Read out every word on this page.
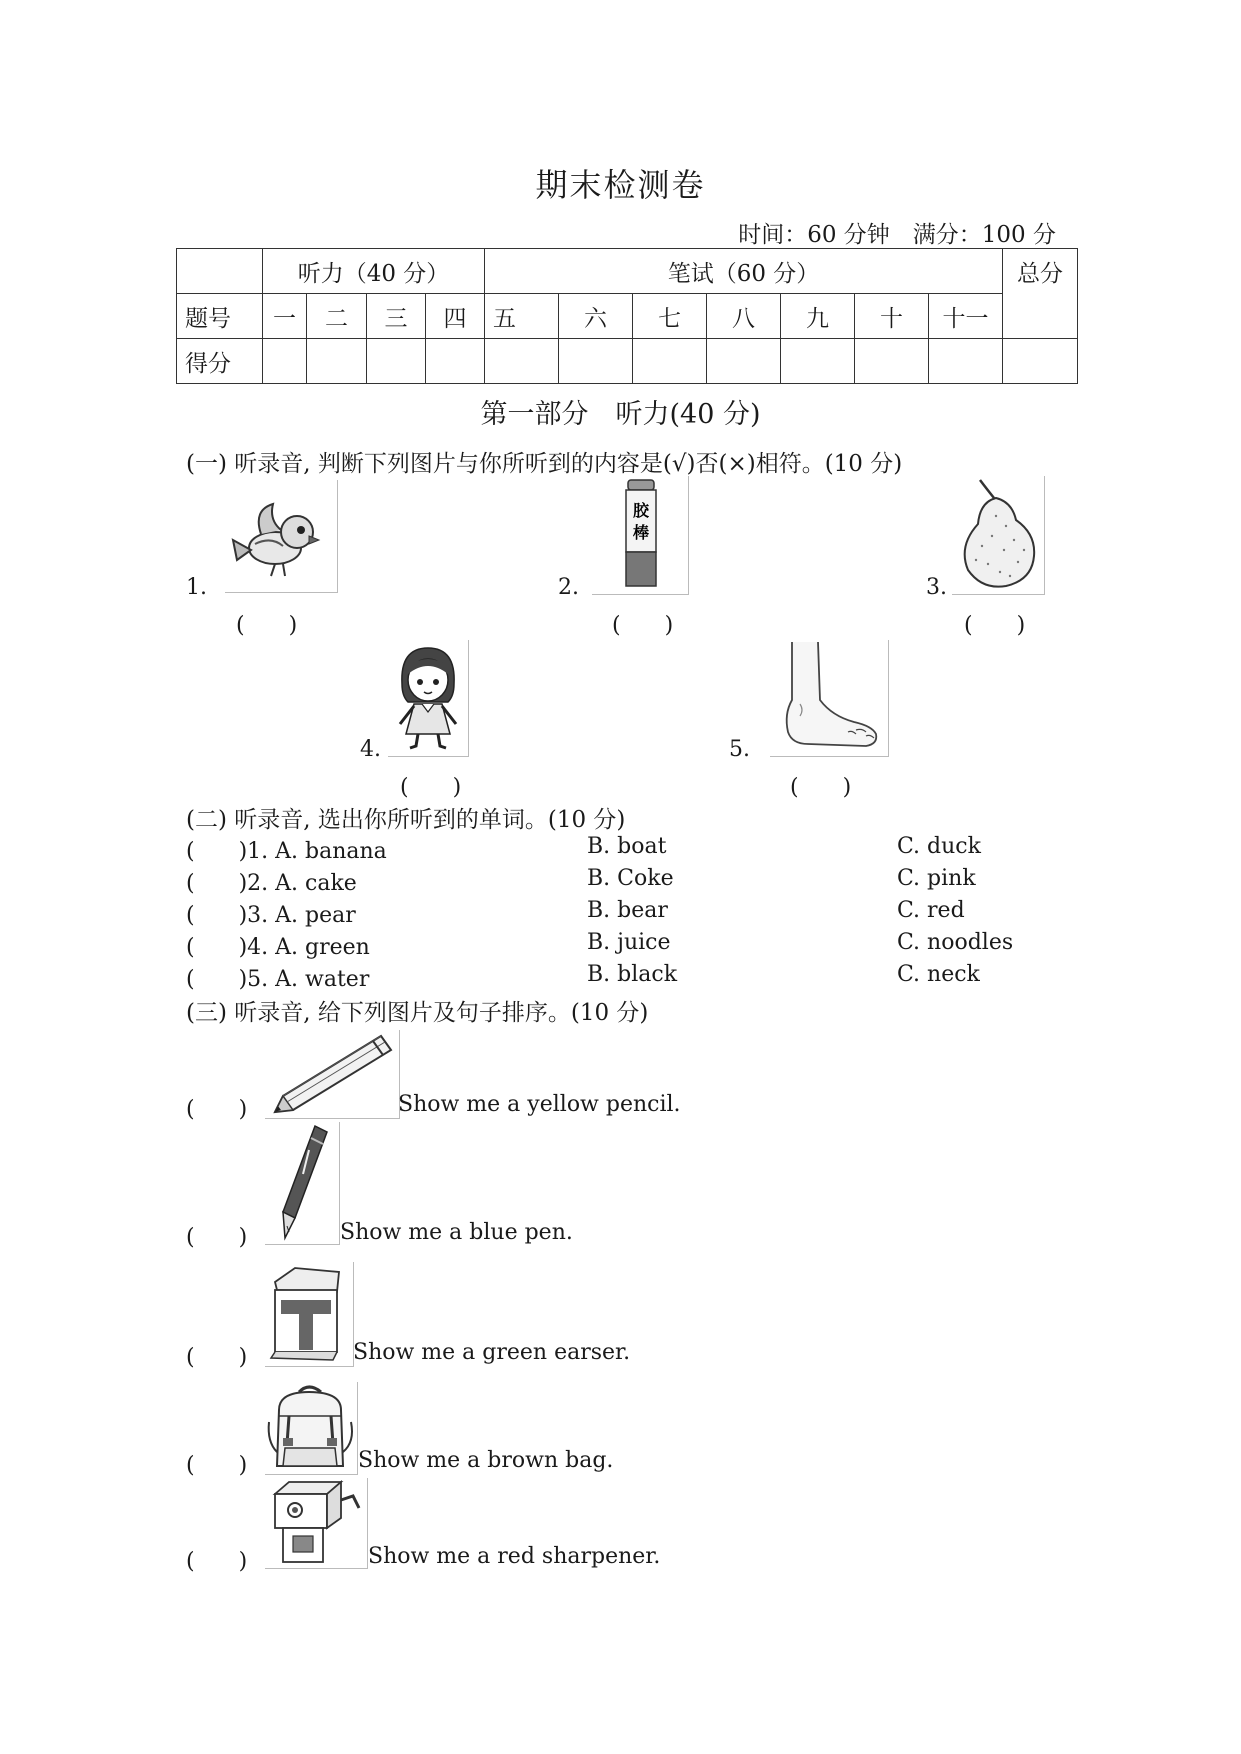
期末检测卷
时间：60 分钟　满分：100 分
	听力（40 分）				笔试（60 分）							总分
题号	一	二	三	四	五	六	七	八	九	十	十一	
得分												
第一部分　听力(40 分)
(一) 听录音, 判断下列图片与你所听到的内容是(√)否(×)相符。(10 分)
1.
(　　)
2.
胶
棒
(　　)
3.
(　　)
4.
(　　)
5.
(　　)
(二) 听录音, 选出你所听到的单词。(10 分)
(　　)1. A. banana	B. boat	C. duck
(　　)2. A. cake	B. Coke	C. pink
(　　)3. A. pear	B. bear	C. red
(　　)4. A. green	B. juice	C. noodles
(　　)5. A. water	B. black	C. neck
(三) 听录音, 给下列图片及句子排序。(10 分)
(　　)	Show me a yellow pencil.
(　　)	Show me a blue pen.
(　　)	Show me a green earser.
(　　)	Show me a brown bag.
(　　)	Show me a red sharpener.
